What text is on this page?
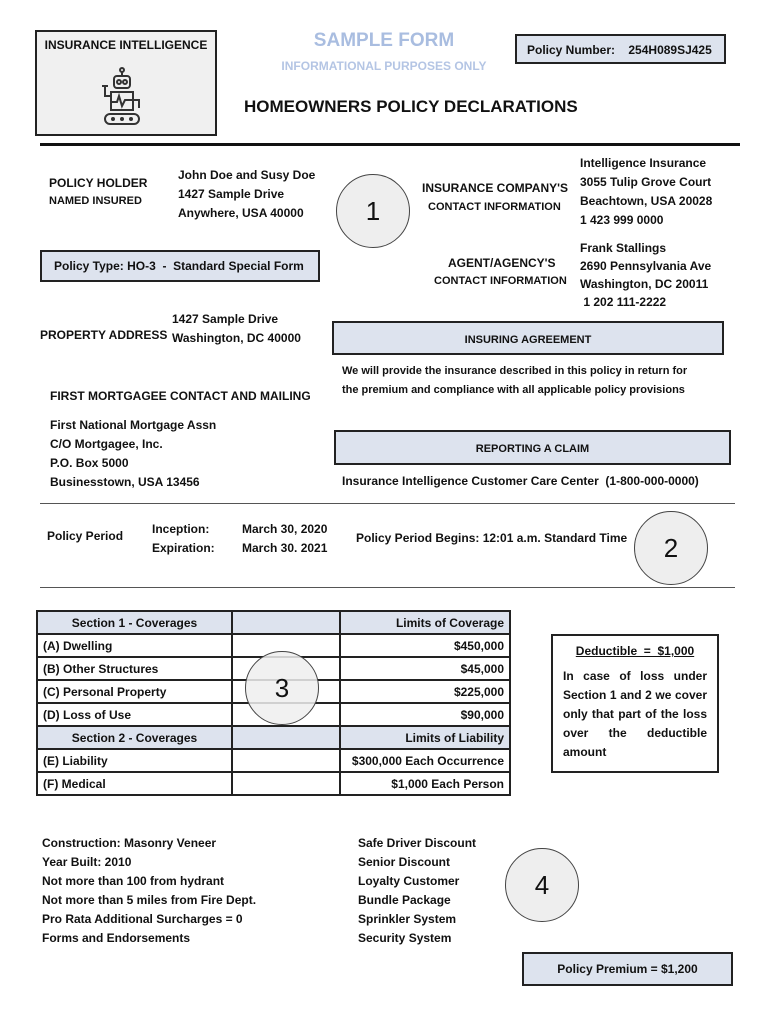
INSURANCE INTELLIGENCE	SAMPLE FORM
INFORMATIONAL PURPOSES ONLY
Policy Number: 254H089SJ425
HOMEOWNERS POLICY DECLARATIONS
POLICY HOLDER
NAMED INSURED
John Doe and Susy Doe
1427 Sample Drive
Anywhere, USA 40000	1
INSURANCE COMPANY'S
CONTACT INFORMATION
Intelligence Insurance
3055 Tulip Grove Court
Beachtown, USA 20028
1 423 999 0000
Policy Type: HO-3  -  Standard Special Form	AGENT/AGENCY'S
CONTACT INFORMATION
Frank Stallings
2690 Pennsylvania Ave
Washington, DC 20011
1 202 111-2222
PROPERTY ADDRESS
1427 Sample Drive
Washington, DC 40000	INSURING AGREEMENT
We will provide the insurance described in this policy in return for
the premium and compliance with all applicable policy provisions
FIRST MORTGAGEE CONTACT AND MAILING
First National Mortgage Assn
C/O Mortgagee, Inc.
P.O. Box 5000
Businesstown, USA 13456
REPORTING A CLAIM
Insurance Intelligence Customer Care Center  (1-800-000-0000)
Policy Period Inception:	March 30, 2020
Expiration: March 30. 2021
Policy Period Begins: 12:01 a.m. Standard Time	2
Section 1 - Coverages		Limits of Coverage
(A) Dwelling		$450,000
(B) Other Structures		$45,000
(C) Personal Property		$225,000
(D) Loss of Use		$90,000
Section 2 - Coverages		Limits of Liability
(E) Liability		$300,000 Each Occurrence
(F) Medical		$1,000 Each Person
3
Deductible  =  $1,000
In case of loss under Section 1 and 2 we cover only that part of the loss over the deductible amount
Construction: Masonry Veneer
Year Built: 2010
Not more than 100 from hydrant
Not more than 5 miles from Fire Dept.
Pro Rata Additional Surcharges = 0
Forms and Endorsements
Safe Driver Discount
Senior Discount
Loyalty Customer
Bundle Package
Sprinkler System
Security System
4
Policy Premium = $1,200
